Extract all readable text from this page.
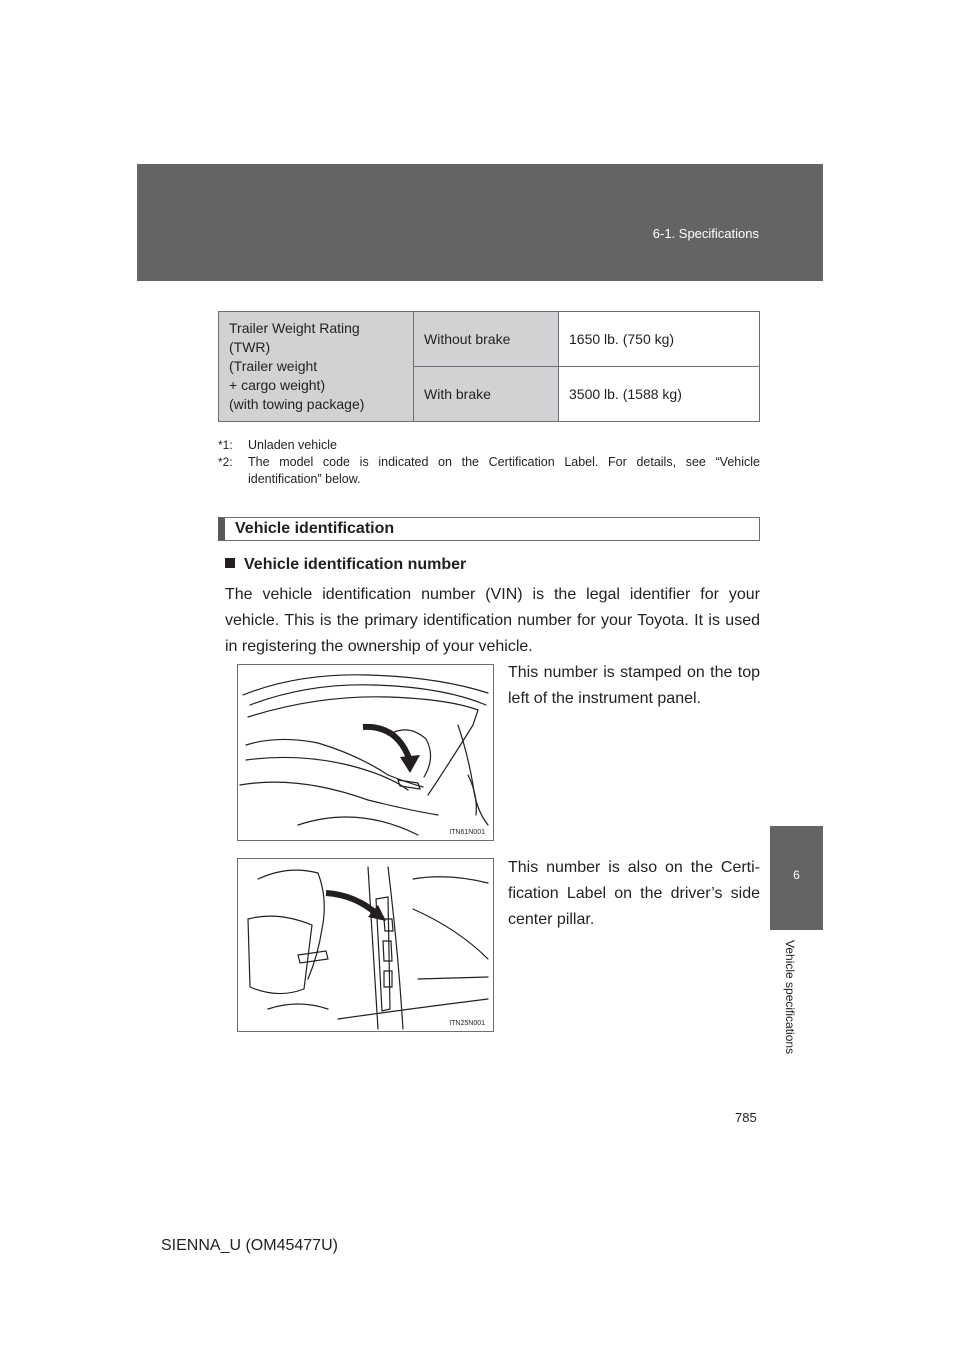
6-1. Specifications
6
Vehicle specifications
Trailer Weight Rating
(TWR)
(Trailer weight
+ cargo weight)
(with towing package)	Without brake	1650 lb. (750 kg)
	With brake	3500 lb. (1588 kg)
*1: Unladen vehicle
*2: The model code is indicated on the Certification Label. For details, see “Vehicle identification” below.
Vehicle identification
Vehicle identification number
The vehicle identification number (VIN) is the legal identifier for your vehicle. This is the primary identification number for your Toyota. It is used in registering the ownership of your vehicle.
ITN61N001
This number is stamped on the top left of the instrument panel.
ITN25N001
This number is also on the Certi- fication Label on the driver’s side center pillar.
785
SIENNA_U (OM45477U)
